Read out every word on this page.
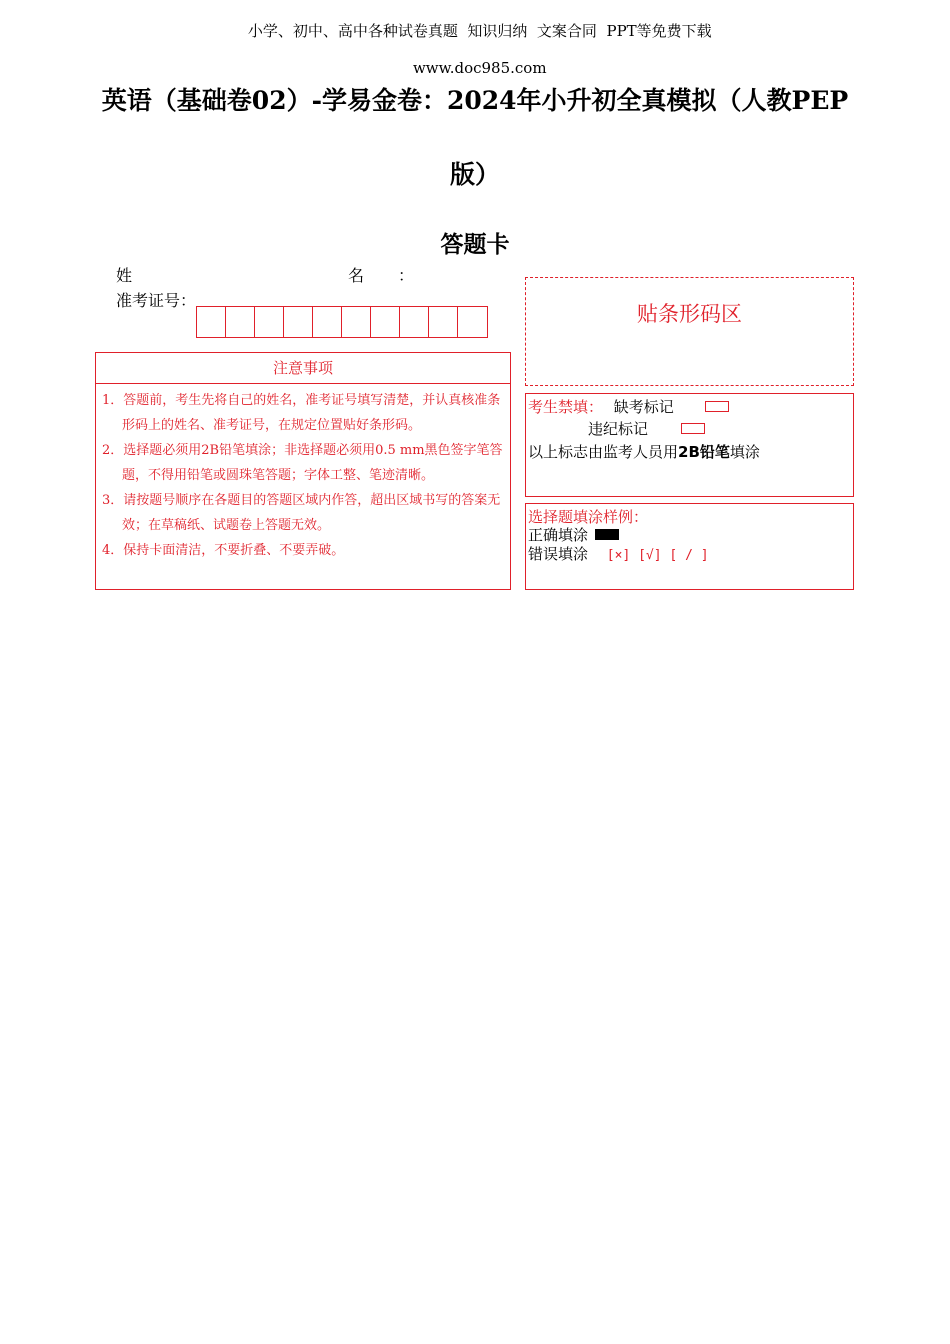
小学、初中、高中各种试卷真题  知识归纳  文案合同  PPT等免费下载

www.doc985.com

英语（基础卷02）-学易金卷：2024年小升初全真模拟（人教PEP
版）
答题卡
姓	名 ：
准考证号：
注意事项
1．答题前，考生先将自己的姓名，准考证号填写清楚，并认真核准条形码上的姓名、准考证号，在规定位置贴好条形码。
2．选择题必须用2B铅笔填涂；非选择题必须用0.5 mm黑色签字笔答题，不得用铅笔或圆珠笔答题；字体工整、笔迹清晰。
3．请按题号顺序在各题目的答题区域内作答，超出区域书写的答案无效；在草稿纸、试题卷上答题无效。
4．保持卡面清洁，不要折叠、不要弄破。
贴条形码区
考生禁填： 缺考标记
违纪标记
以上标志由监考人员用2B铅笔填涂
选择题填涂样例：
正确填涂
错误填涂 [×] [√] [ / ]
